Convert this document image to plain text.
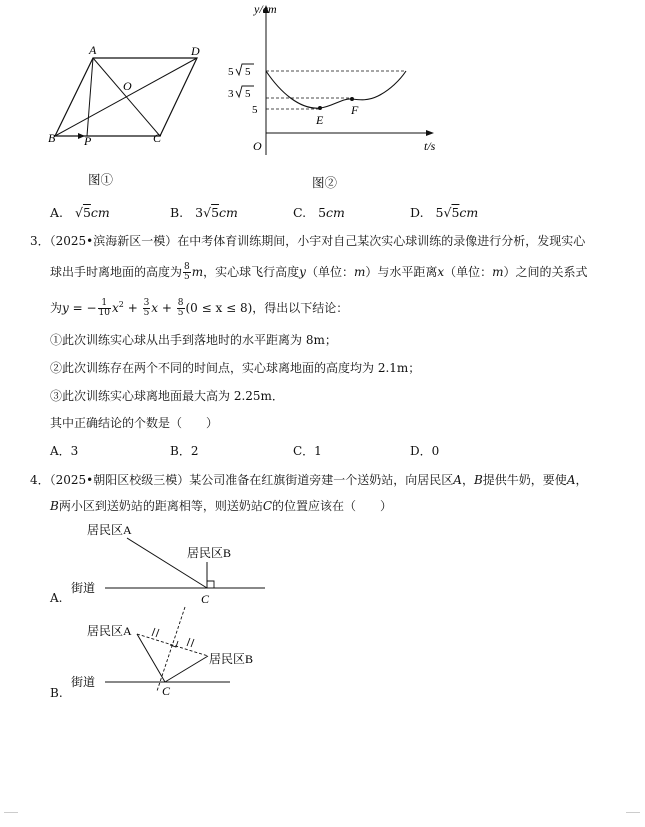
A	D
O
B P	C
图①
y/cm
t/s
O
5 5
3 5
5
E
F
图②
A. √5cm	B. 3√5cm	C. 5cm	D. 5√5cm
3．（2025•滨海新区一模）在中考体育训练期间，小宇对自己某次实心球训练的录像进行分析，发现实心
球出手时离地面的高度为 $\frac{8}{5}$ m，实心球飞行高度y（单位：m）与水平距离x（单位：m）之间的关系式
为y = − $\frac{1}{10} x^2 + \frac{3}{5}$ $x + \frac{8}{5} (0 \le x \le 8)$，得出以下结论：
①此次训练实心球从出手到落地时的水平距离为 8m；
②此次训练存在两个不同的时间点，实心球离地面的高度均为 2.1m；
③此次训练实心球离地面最大高为 2.25m．
其中正确结论的个数是（　　）
A．3	B．2	C．1	D．0
4．（2025•朝阳区校级三模）某公司准备在红旗街道旁建一个送奶站，向居民区A，B提供牛奶，要使A，
B两小区到送奶站的距离相等，则送奶站C的位置应该在（　　）
A.
居民区A
居民区B
街道
C
B.
居民区A
居民区B
街道
C
